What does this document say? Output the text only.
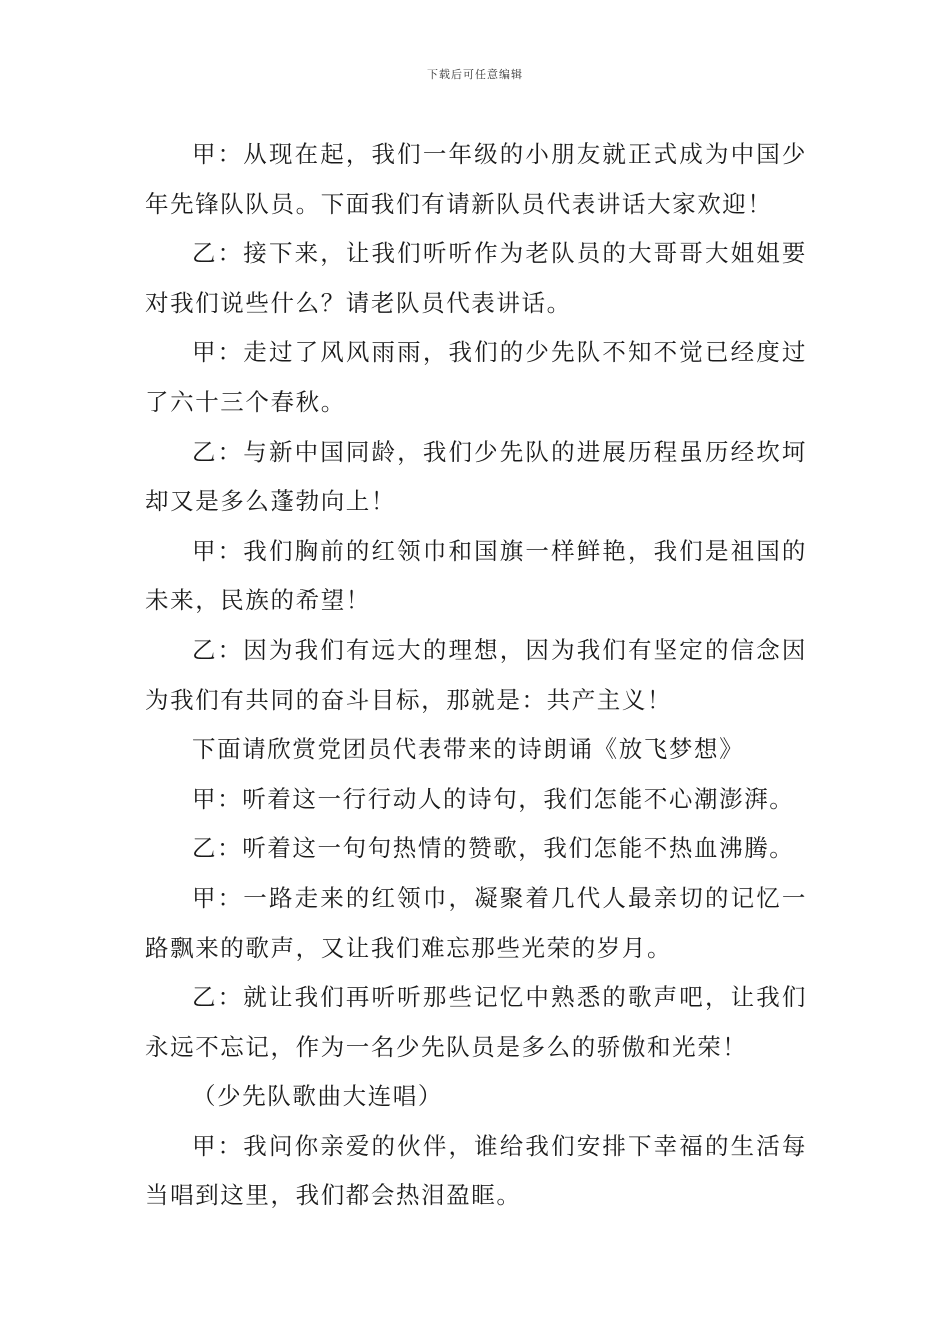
下载后可任意编辑

甲：从现在起，我们一年级的小朋友就正式成为中国少年先锋队队员。下面我们有请新队员代表讲话大家欢迎！

乙：接下来，让我们听听作为老队员的大哥哥大姐姐要对我们说些什么？请老队员代表讲话。

甲：走过了风风雨雨，我们的少先队不知不觉已经度过了六十三个春秋。

乙：与新中国同龄，我们少先队的进展历程虽历经坎坷却又是多么蓬勃向上！

甲：我们胸前的红领巾和国旗一样鲜艳，我们是祖国的未来，民族的希望！

乙：因为我们有远大的理想，因为我们有坚定的信念因为我们有共同的奋斗目标，那就是：共产主义！

下面请欣赏党团员代表带来的诗朗诵《放飞梦想》

甲：听着这一行行动人的诗句，我们怎能不心潮澎湃。

乙：听着这一句句热情的赞歌，我们怎能不热血沸腾。

甲：一路走来的红领巾，凝聚着几代人最亲切的记忆一路飘来的歌声，又让我们难忘那些光荣的岁月。

乙：就让我们再听听那些记忆中熟悉的歌声吧，让我们永远不忘记，作为一名少先队员是多么的骄傲和光荣！

（少先队歌曲大连唱）

甲：我问你亲爱的伙伴，谁给我们安排下幸福的生活每当唱到这里，我们都会热泪盈眶。
